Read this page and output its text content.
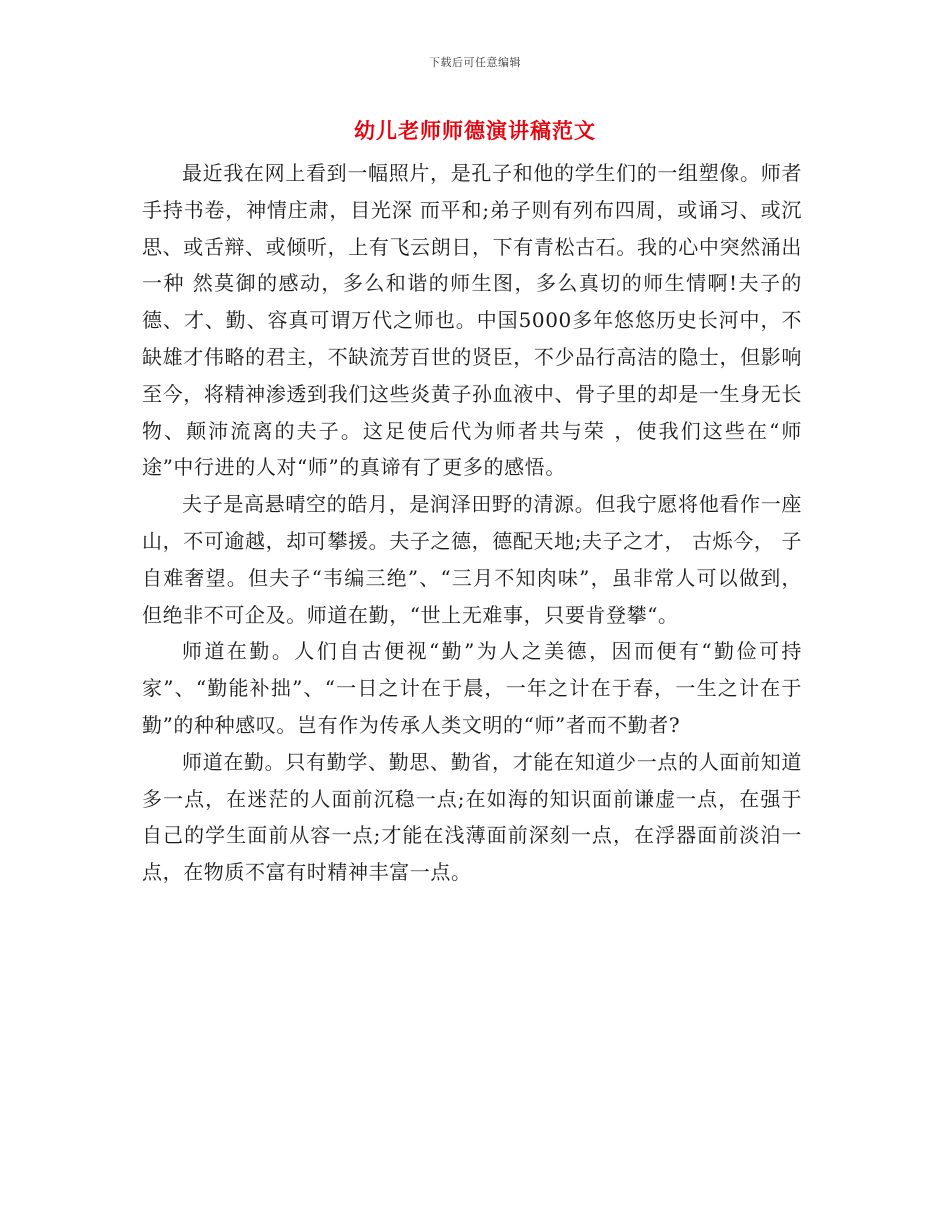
下载后可任意编辑
幼儿老师师德演讲稿范文

最近我在网上看到一幅照片，是孔子和他的学生们的一组塑像。师者手持书卷，神情庄肃，目光深 而平和;弟子则有列布四周，或诵习、或沉思、或舌辩、或倾听，上有飞云朗日，下有青松古石。我的心中突然涌出一种 然莫御的感动，多么和谐的师生图，多么真切的师生情啊!夫子的德、才、勤、容真可谓万代之师也。中国5000多年悠悠历史长河中，不缺雄才伟略的君主，不缺流芳百世的贤臣，不少品行高洁的隐士，但影响至今，将精神渗透到我们这些炎黄子孙血液中、骨子里的却是一生身无长物、颠沛流离的夫子。这足使后代为师者共与荣 ，使我们这些在“师途”中行进的人对“师”的真谛有了更多的感悟。

夫子是高悬晴空的皓月，是润泽田野的清源。但我宁愿将他看作一座山，不可逾越，却可攀援。夫子之德，德配天地;夫子之才， 古烁今， 子自难奢望。但夫子“韦编三绝”、“三月不知肉味”，虽非常人可以做到，但绝非不可企及。师道在勤，“世上无难事，只要肯登攀“。

师道在勤。人们自古便视“勤”为人之美德，因而便有“勤俭可持家”、“勤能补拙”、“一日之计在于晨，一年之计在于春，一生之计在于勤”的种种感叹。岂有作为传承人类文明的“师”者而不勤者?

师道在勤。只有勤学、勤思、勤省，才能在知道少一点的人面前知道多一点，在迷茫的人面前沉稳一点;在如海的知识面前谦虚一点，在强于自己的学生面前从容一点;才能在浅薄面前深刻一点，在浮器面前淡泊一点，在物质不富有时精神丰富一点。
